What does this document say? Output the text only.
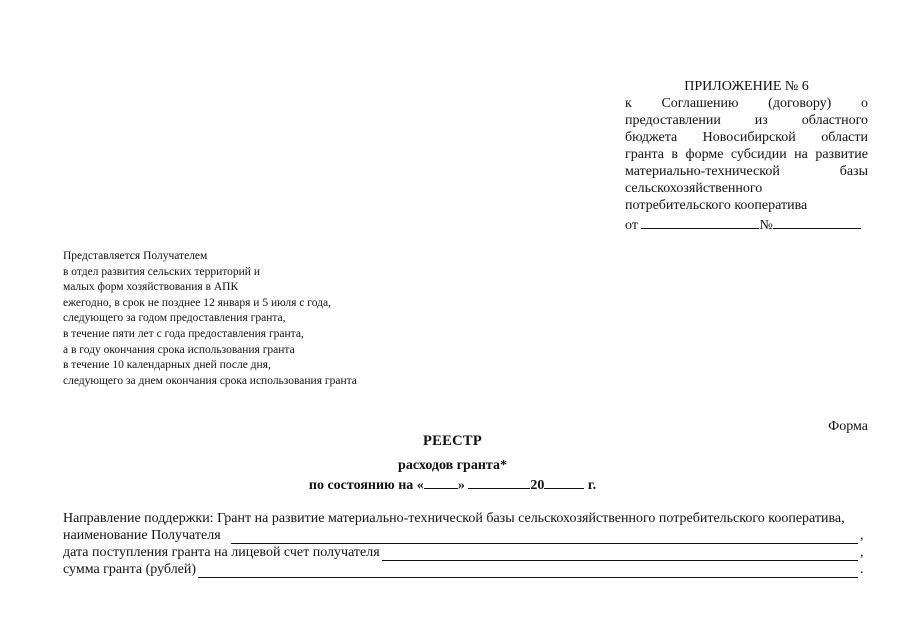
ПРИЛОЖЕНИЕ № 6
к Соглашению (договору) о
предоставлении из областного
бюджета Новосибирской области
гранта в форме субсидии на развитие
материально-технической базы
сельскохозяйственного
потребительского кооператива
от	№
Представляется Получателем
в отдел развития сельских территорий и
малых форм хозяйствования в АПК
ежегодно, в срок не позднее 12 января и 5 июля с года,
следующего за годом предоставления гранта,
в течение пяти лет с года предоставления гранта,
а в году окончания срока использования гранта
в течение 10 календарных дней после дня,
следующего за днем окончания срока использования гранта
Форма
РЕЕСТР
расходов гранта*
по состоянию на « »	20	г.
Направление поддержки: Грант на развитие материально-технической базы сельскохозяйственного потребительского кооператива,
наименование Получателя	,
дата поступления гранта на лицевой счет получателя	,
сумма гранта (рублей)	.
